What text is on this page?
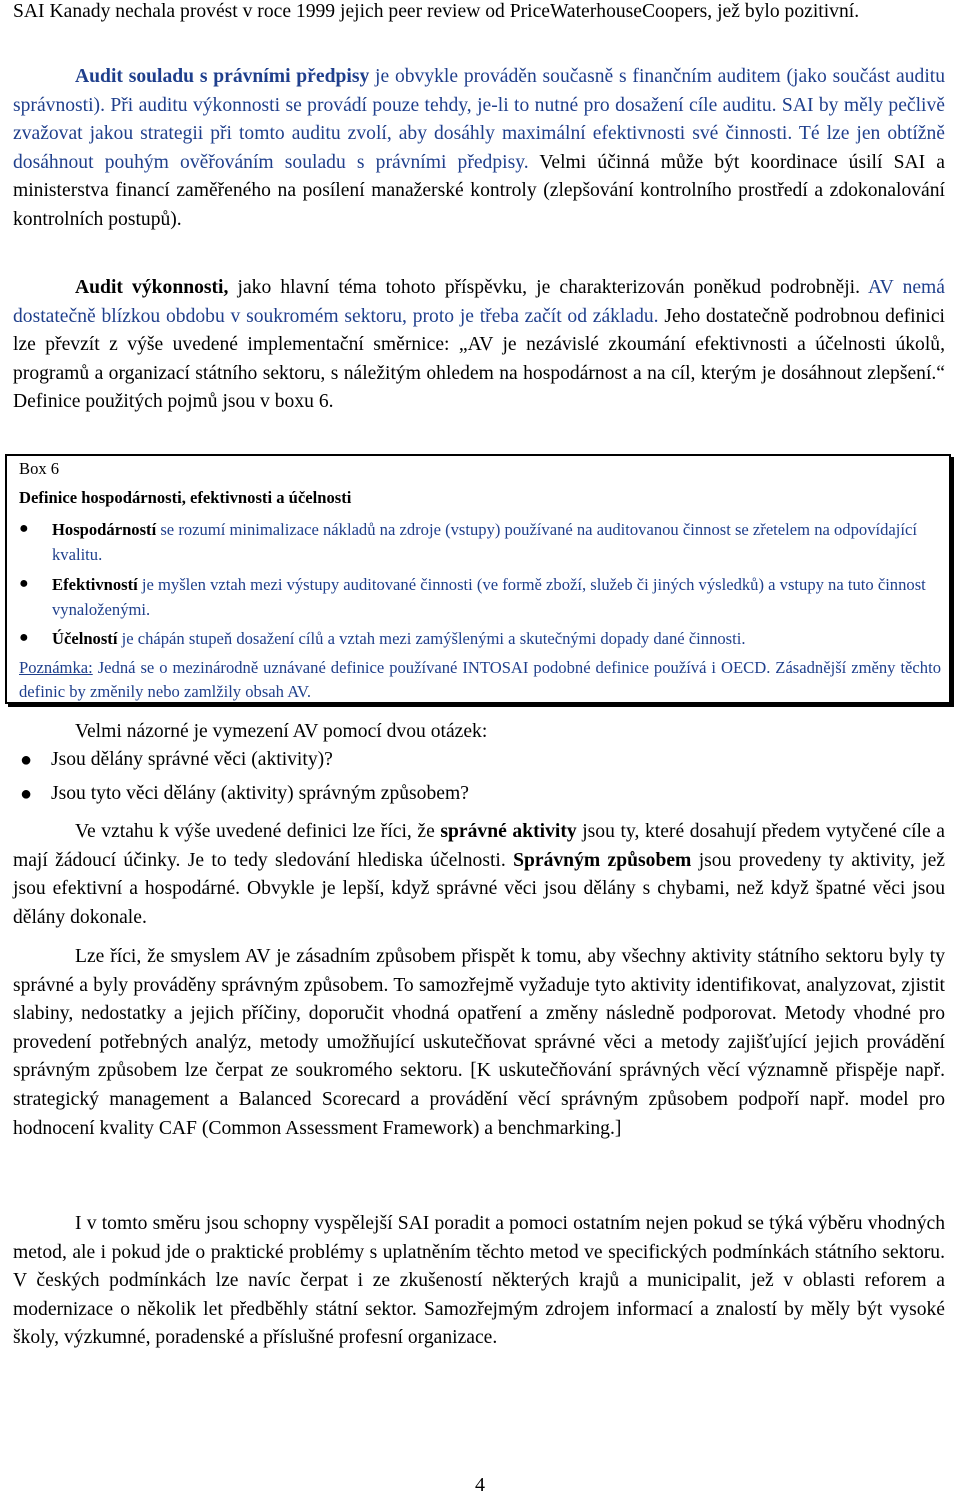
SAI Kanady nechala provést v roce 1999 jejich peer review od PriceWaterhouseCoopers, jež bylo pozitivní.

Audit souladu s právními předpisy je obvykle prováděn současně s finančním auditem (jako součást auditu správnosti). Při auditu výkonnosti se provádí pouze tehdy, je-li to nutné pro dosažení cíle auditu. SAI by měly pečlivě zvažovat jakou strategii při tomto auditu zvolí, aby dosáhly maximální efektivnosti své činnosti. Té lze jen obtížně dosáhnout pouhým ověřováním souladu s právními předpisy. Velmi účinná může být koordinace úsilí SAI a ministerstva financí zaměřeného na posílení manažerské kontroly (zlepšování kontrolního prostředí a zdokonalování kontrolních postupů).

Audit výkonnosti, jako hlavní téma tohoto příspěvku, je charakterizován poněkud podrobněji. AV nemá dostatečně blízkou obdobu v soukromém sektoru, proto je třeba začít od základu. Jeho dostatečně podrobnou definici lze převzít z výše uvedené implementační směrnice: „AV je nezávislé zkoumání efektivnosti a účelnosti úkolů, programů a organizací státního sektoru, s náležitým ohledem na hospodárnost a na cíl, kterým je dosáhnout zlepšení.“ Definice použitých pojmů jsou v boxu 6.

Box 6

Definice hospodárnosti, efektivnosti a účelnosti

● Hospodárností se rozumí minimalizace nákladů na zdroje (vstupy) používané na auditovanou činnost se zřetelem na odpovídající kvalitu.

● Efektivností je myšlen vztah mezi výstupy auditované činnosti (ve formě zboží, služeb či jiných výsledků) a vstupy na tuto činnost vynaloženými.

● Účelností je chápán stupeň dosažení cílů a vztah mezi zamýšlenými a skutečnými dopady dané činnosti.

Poznámka: Jedná se o mezinárodně uznávané definice používané INTOSAI podobné definice používá i OECD. Zásadnější změny těchto definic by změnily nebo zamlžily obsah AV.

Velmi názorné je vymezení AV pomocí dvou otázek:

● Jsou dělány správné věci (aktivity)?
● Jsou tyto věci dělány (aktivity) správným způsobem?

Ve vztahu k výše uvedené definici lze říci, že správné aktivity jsou ty, které dosahují předem vytyčené cíle a mají žádoucí účinky. Je to tedy sledování hlediska účelnosti. Správným způsobem jsou provedeny ty aktivity, jež jsou efektivní a hospodárné. Obvykle je lepší, když správné věci jsou dělány s chybami, než když špatné věci jsou dělány dokonale.

Lze říci, že smyslem AV je zásadním způsobem přispět k tomu, aby všechny aktivity státního sektoru byly ty správné a byly prováděny správným způsobem. To samozřejmě vyžaduje tyto aktivity identifikovat, analyzovat, zjistit slabiny, nedostatky a jejich příčiny, doporučit vhodná opatření a změny následně podporovat. Metody vhodné pro provedení potřebných analýz, metody umožňující uskutečňovat správné věci a metody zajišťující jejich provádění správným způsobem lze čerpat ze soukromého sektoru. [K uskutečňování správných věcí významně přispěje např. strategický management a Balanced Scorecard a provádění věcí správným způsobem podpoří např. model pro hodnocení kvality CAF (Common Assessment Framework) a benchmarking.]

I v tomto směru jsou schopny vyspělejší SAI poradit a pomoci ostatním nejen pokud se týká výběru vhodných metod, ale i pokud jde o praktické problémy s uplatněním těchto metod ve specifických podmínkách státního sektoru. V českých podmínkách lze navíc čerpat i ze zkušeností některých krajů a municipalit, jež v oblasti reforem a modernizace o několik let předběhly státní sektor. Samozřejmým zdrojem informací a znalostí by měly být vysoké školy, výzkumné, poradenské a příslušné profesní organizace.

4
